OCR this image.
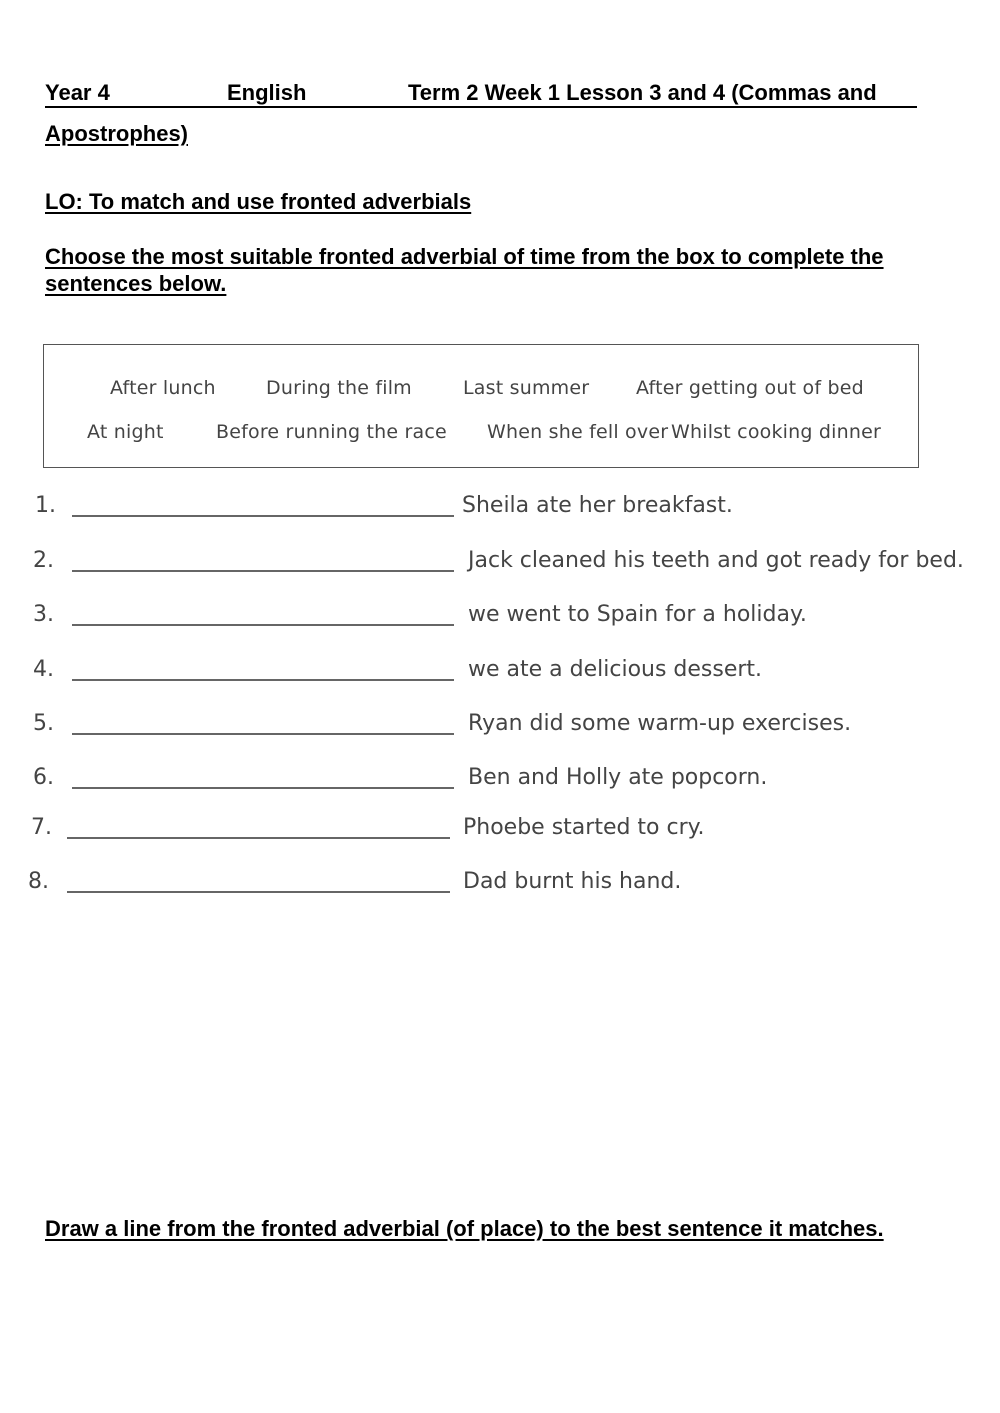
Year 4	English	Term 2 Week 1 Lesson 3 and 4 (Commas and
Apostrophes)
LO: To match and use fronted adverbials
Choose the most suitable fronted adverbial of time from the box to complete the sentences below.
After lunch	During the film	Last summer After getting out of bed
At night	Before running the race When she fell over Whilst cooking dinner
1.	Sheila ate her breakfast.
2.	Jack cleaned his teeth and got ready for bed.
3.	we went to Spain for a holiday.
4.	we ate a delicious dessert.
5.	Ryan did some warm-up exercises.
6.	Ben and Holly ate popcorn.
7.	Phoebe started to cry.
8.	Dad burnt his hand.
Draw a line from the fronted adverbial (of place) to the best sentence it matches.
